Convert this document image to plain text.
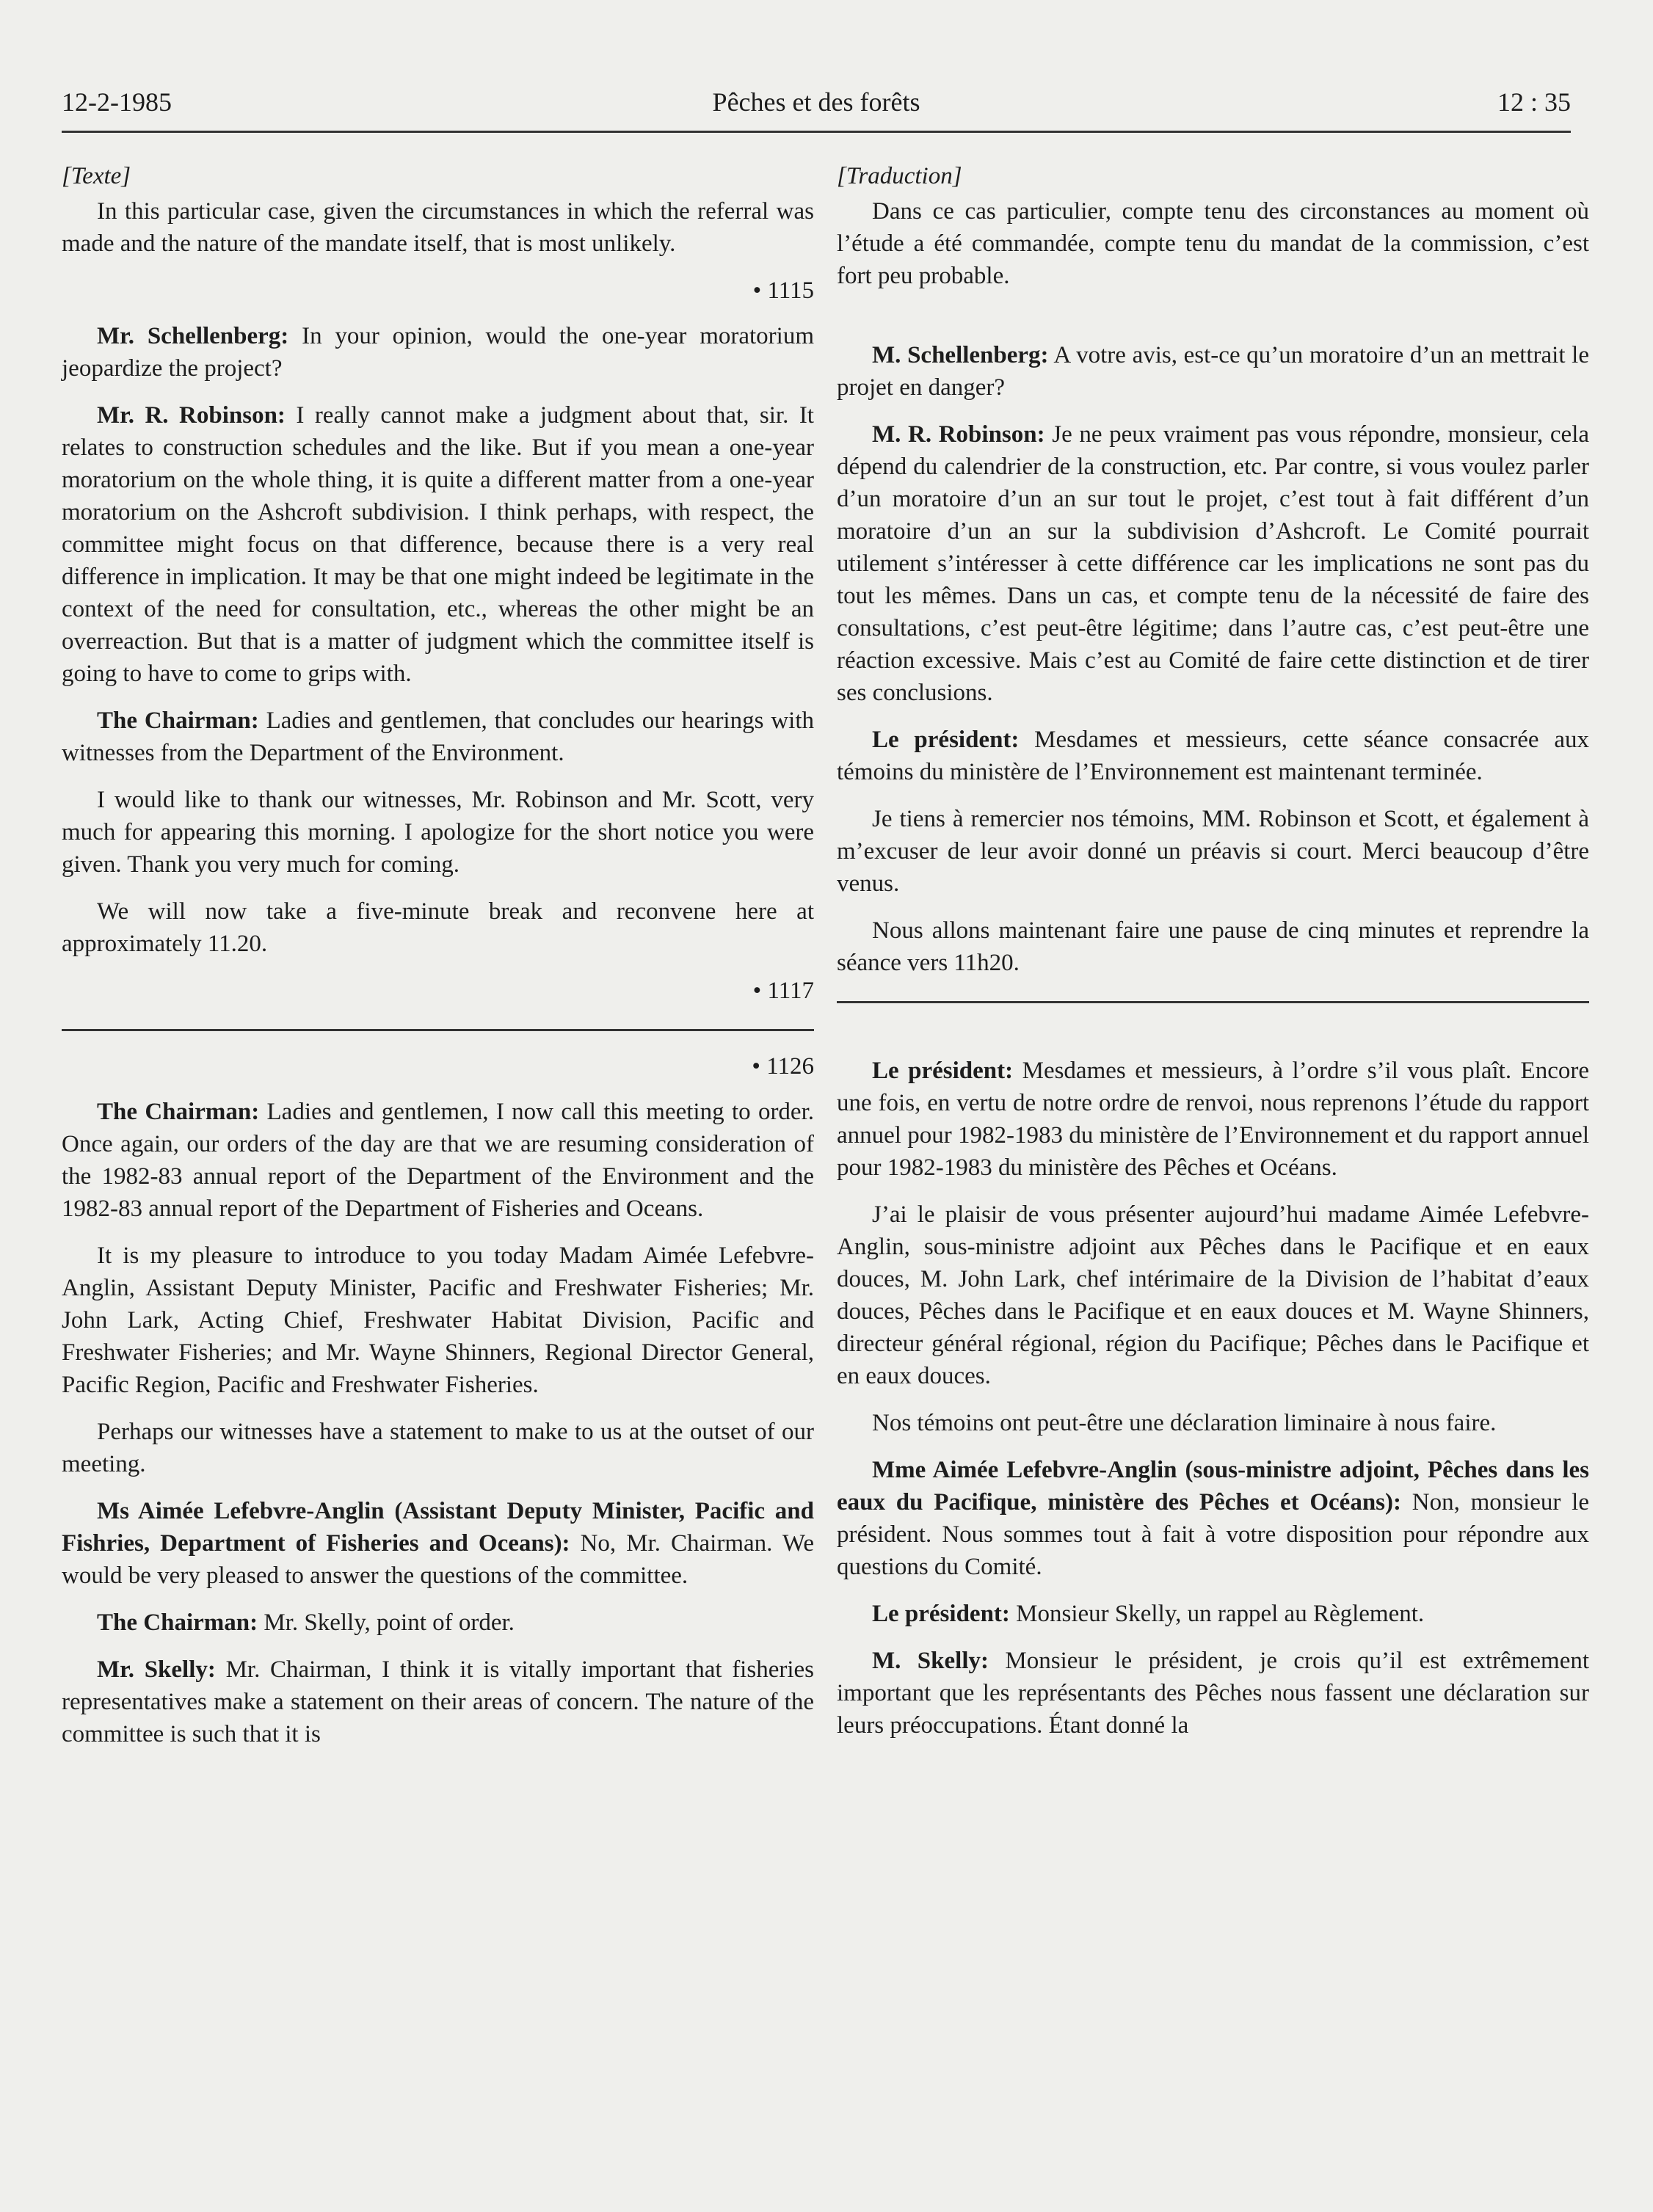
12-2-1985	Pêches et des forêts	12 : 35

[Texte]

In this particular case, given the circumstances in which the referral was made and the nature of the mandate itself, that is most unlikely.

• 1115

Mr. Schellenberg: In your opinion, would the one-year moratorium jeopardize the project?

Mr. R. Robinson: I really cannot make a judgment about that, sir. It relates to construction schedules and the like. But if you mean a one-year moratorium on the whole thing, it is quite a different matter from a one-year moratorium on the Ashcroft subdivision. I think perhaps, with respect, the committee might focus on that difference, because there is a very real difference in implication. It may be that one might indeed be legitimate in the context of the need for consultation, etc., whereas the other might be an overreaction. But that is a matter of judgment which the committee itself is going to have to come to grips with.

The Chairman: Ladies and gentlemen, that concludes our hearings with witnesses from the Department of the Environment.

I would like to thank our witnesses, Mr. Robinson and Mr. Scott, very much for appearing this morning. I apologize for the short notice you were given. Thank you very much for coming.

We will now take a five-minute break and reconvene here at approximately 11.20.

• 1117

• 1126

The Chairman: Ladies and gentlemen, I now call this meeting to order. Once again, our orders of the day are that we are resuming consideration of the 1982-83 annual report of the Department of the Environment and the 1982-83 annual report of the Department of Fisheries and Oceans.

It is my pleasure to introduce to you today Madam Aimée Lefebvre-Anglin, Assistant Deputy Minister, Pacific and Freshwater Fisheries; Mr. John Lark, Acting Chief, Freshwater Habitat Division, Pacific and Freshwater Fisheries; and Mr. Wayne Shinners, Regional Director General, Pacific Region, Pacific and Freshwater Fisheries.

Perhaps our witnesses have a statement to make to us at the outset of our meeting.

Ms Aimée Lefebvre-Anglin (Assistant Deputy Minister, Pacific and Fishries, Department of Fisheries and Oceans): No, Mr. Chairman. We would be very pleased to answer the questions of the committee.

The Chairman: Mr. Skelly, point of order.

Mr. Skelly: Mr. Chairman, I think it is vitally important that fisheries representatives make a statement on their areas of concern. The nature of the committee is such that it is

[Traduction]

Dans ce cas particulier, compte tenu des circonstances au moment où l’étude a été commandée, compte tenu du mandat de la commission, c’est fort peu probable.

M. Schellenberg: A votre avis, est-ce qu’un moratoire d’un an mettrait le projet en danger?

M. R. Robinson: Je ne peux vraiment pas vous répondre, monsieur, cela dépend du calendrier de la construction, etc. Par contre, si vous voulez parler d’un moratoire d’un an sur tout le projet, c’est tout à fait différent d’un moratoire d’un an sur la subdivision d’Ashcroft. Le Comité pourrait utilement s’intéresser à cette différence car les implications ne sont pas du tout les mêmes. Dans un cas, et compte tenu de la nécessité de faire des consultations, c’est peut-être légitime; dans l’autre cas, c’est peut-être une réaction excessive. Mais c’est au Comité de faire cette distinction et de tirer ses conclusions.

Le président: Mesdames et messieurs, cette séance consacrée aux témoins du ministère de l’Environnement est maintenant terminée.

Je tiens à remercier nos témoins, MM. Robinson et Scott, et également à m’excuser de leur avoir donné un préavis si court. Merci beaucoup d’être venus.

Nous allons maintenant faire une pause de cinq minutes et reprendre la séance vers 11h20.

Le président: Mesdames et messieurs, à l’ordre s’il vous plaît. Encore une fois, en vertu de notre ordre de renvoi, nous reprenons l’étude du rapport annuel pour 1982-1983 du ministère de l’Environnement et du rapport annuel pour 1982-1983 du ministère des Pêches et Océans.

J’ai le plaisir de vous présenter aujourd’hui madame Aimée Lefebvre-Anglin, sous-ministre adjoint aux Pêches dans le Pacifique et en eaux douces, M. John Lark, chef intérimaire de la Division de l’habitat d’eaux douces, Pêches dans le Pacifique et en eaux douces et M. Wayne Shinners, directeur général régional, région du Pacifique; Pêches dans le Pacifique et en eaux douces.

Nos témoins ont peut-être une déclaration liminaire à nous faire.

Mme Aimée Lefebvre-Anglin (sous-ministre adjoint, Pêches dans les eaux du Pacifique, ministère des Pêches et Océans): Non, monsieur le président. Nous sommes tout à fait à votre disposition pour répondre aux questions du Comité.

Le président: Monsieur Skelly, un rappel au Règlement.

M. Skelly: Monsieur le président, je crois qu’il est extrêmement important que les représentants des Pêches nous fassent une déclaration sur leurs préoccupations. Étant donné la
